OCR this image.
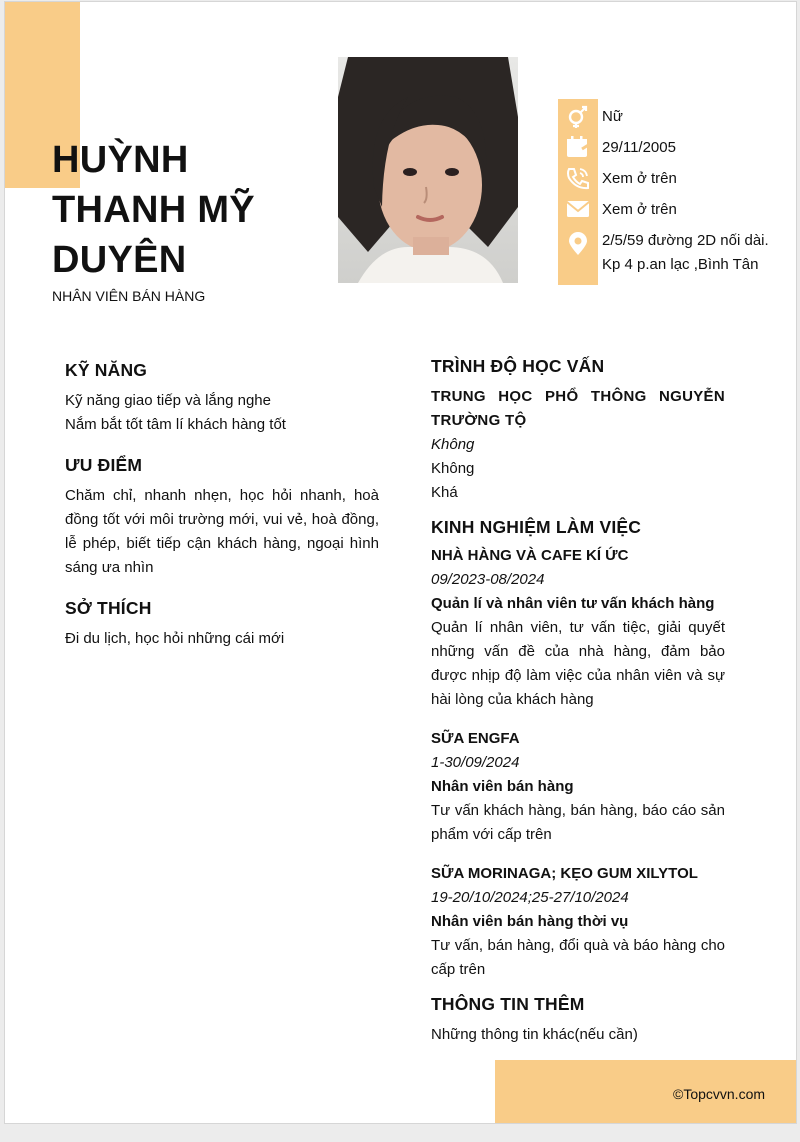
HUỲNH
THANH MỸ
DUYÊN

NHÂN VIÊN BÁN HÀNG

Nữ
29/11/2005
Xem ở trên
Xem ở trên
2/5/59 đường 2D nối dài.
Kp 4 p.an lạc ,Bình Tân
KỸ NĂNG

Kỹ năng giao tiếp và lắng nghe

Nắm bắt tốt tâm lí khách hàng tốt

ƯU ĐIỂM

Chăm chỉ, nhanh nhẹn, học hỏi nhanh, hoà đồng tốt với môi trường mới, vui vẻ, hoà đồng, lễ phép, biết tiếp cận khách hàng, ngoại hình sáng ưa nhìn

SỞ THÍCH

Đi du lịch, học hỏi những cái mới

TRÌNH ĐỘ HỌC VẤN

TRUNG HỌC PHỔ THÔNG NGUYỄN TRƯỜNG TỘ

Không

Không

Khá

KINH NGHIỆM LÀM VIỆC

NHÀ HÀNG VÀ CAFE KÍ ỨC

09/2023-08/2024

Quản lí và nhân viên tư vấn khách hàng

Quản lí nhân viên, tư vấn tiệc, giải quyết những vấn đề của nhà hàng, đảm bảo được nhịp độ làm việc của nhân viên và sự hài lòng của khách hàng

SỮA ENGFA

1-30/09/2024

Nhân viên bán hàng

Tư vấn khách hàng, bán hàng, báo cáo sản phẩm với cấp trên

SỮA MORINAGA; KẸO GUM XILYTOL

19-20/10/2024;25-27/10/2024

Nhân viên bán hàng thời vụ

Tư vấn, bán hàng, đổi quà và báo hàng cho cấp trên

THÔNG TIN THÊM

Những thông tin khác(nếu cần)

©Topcvvn.com
